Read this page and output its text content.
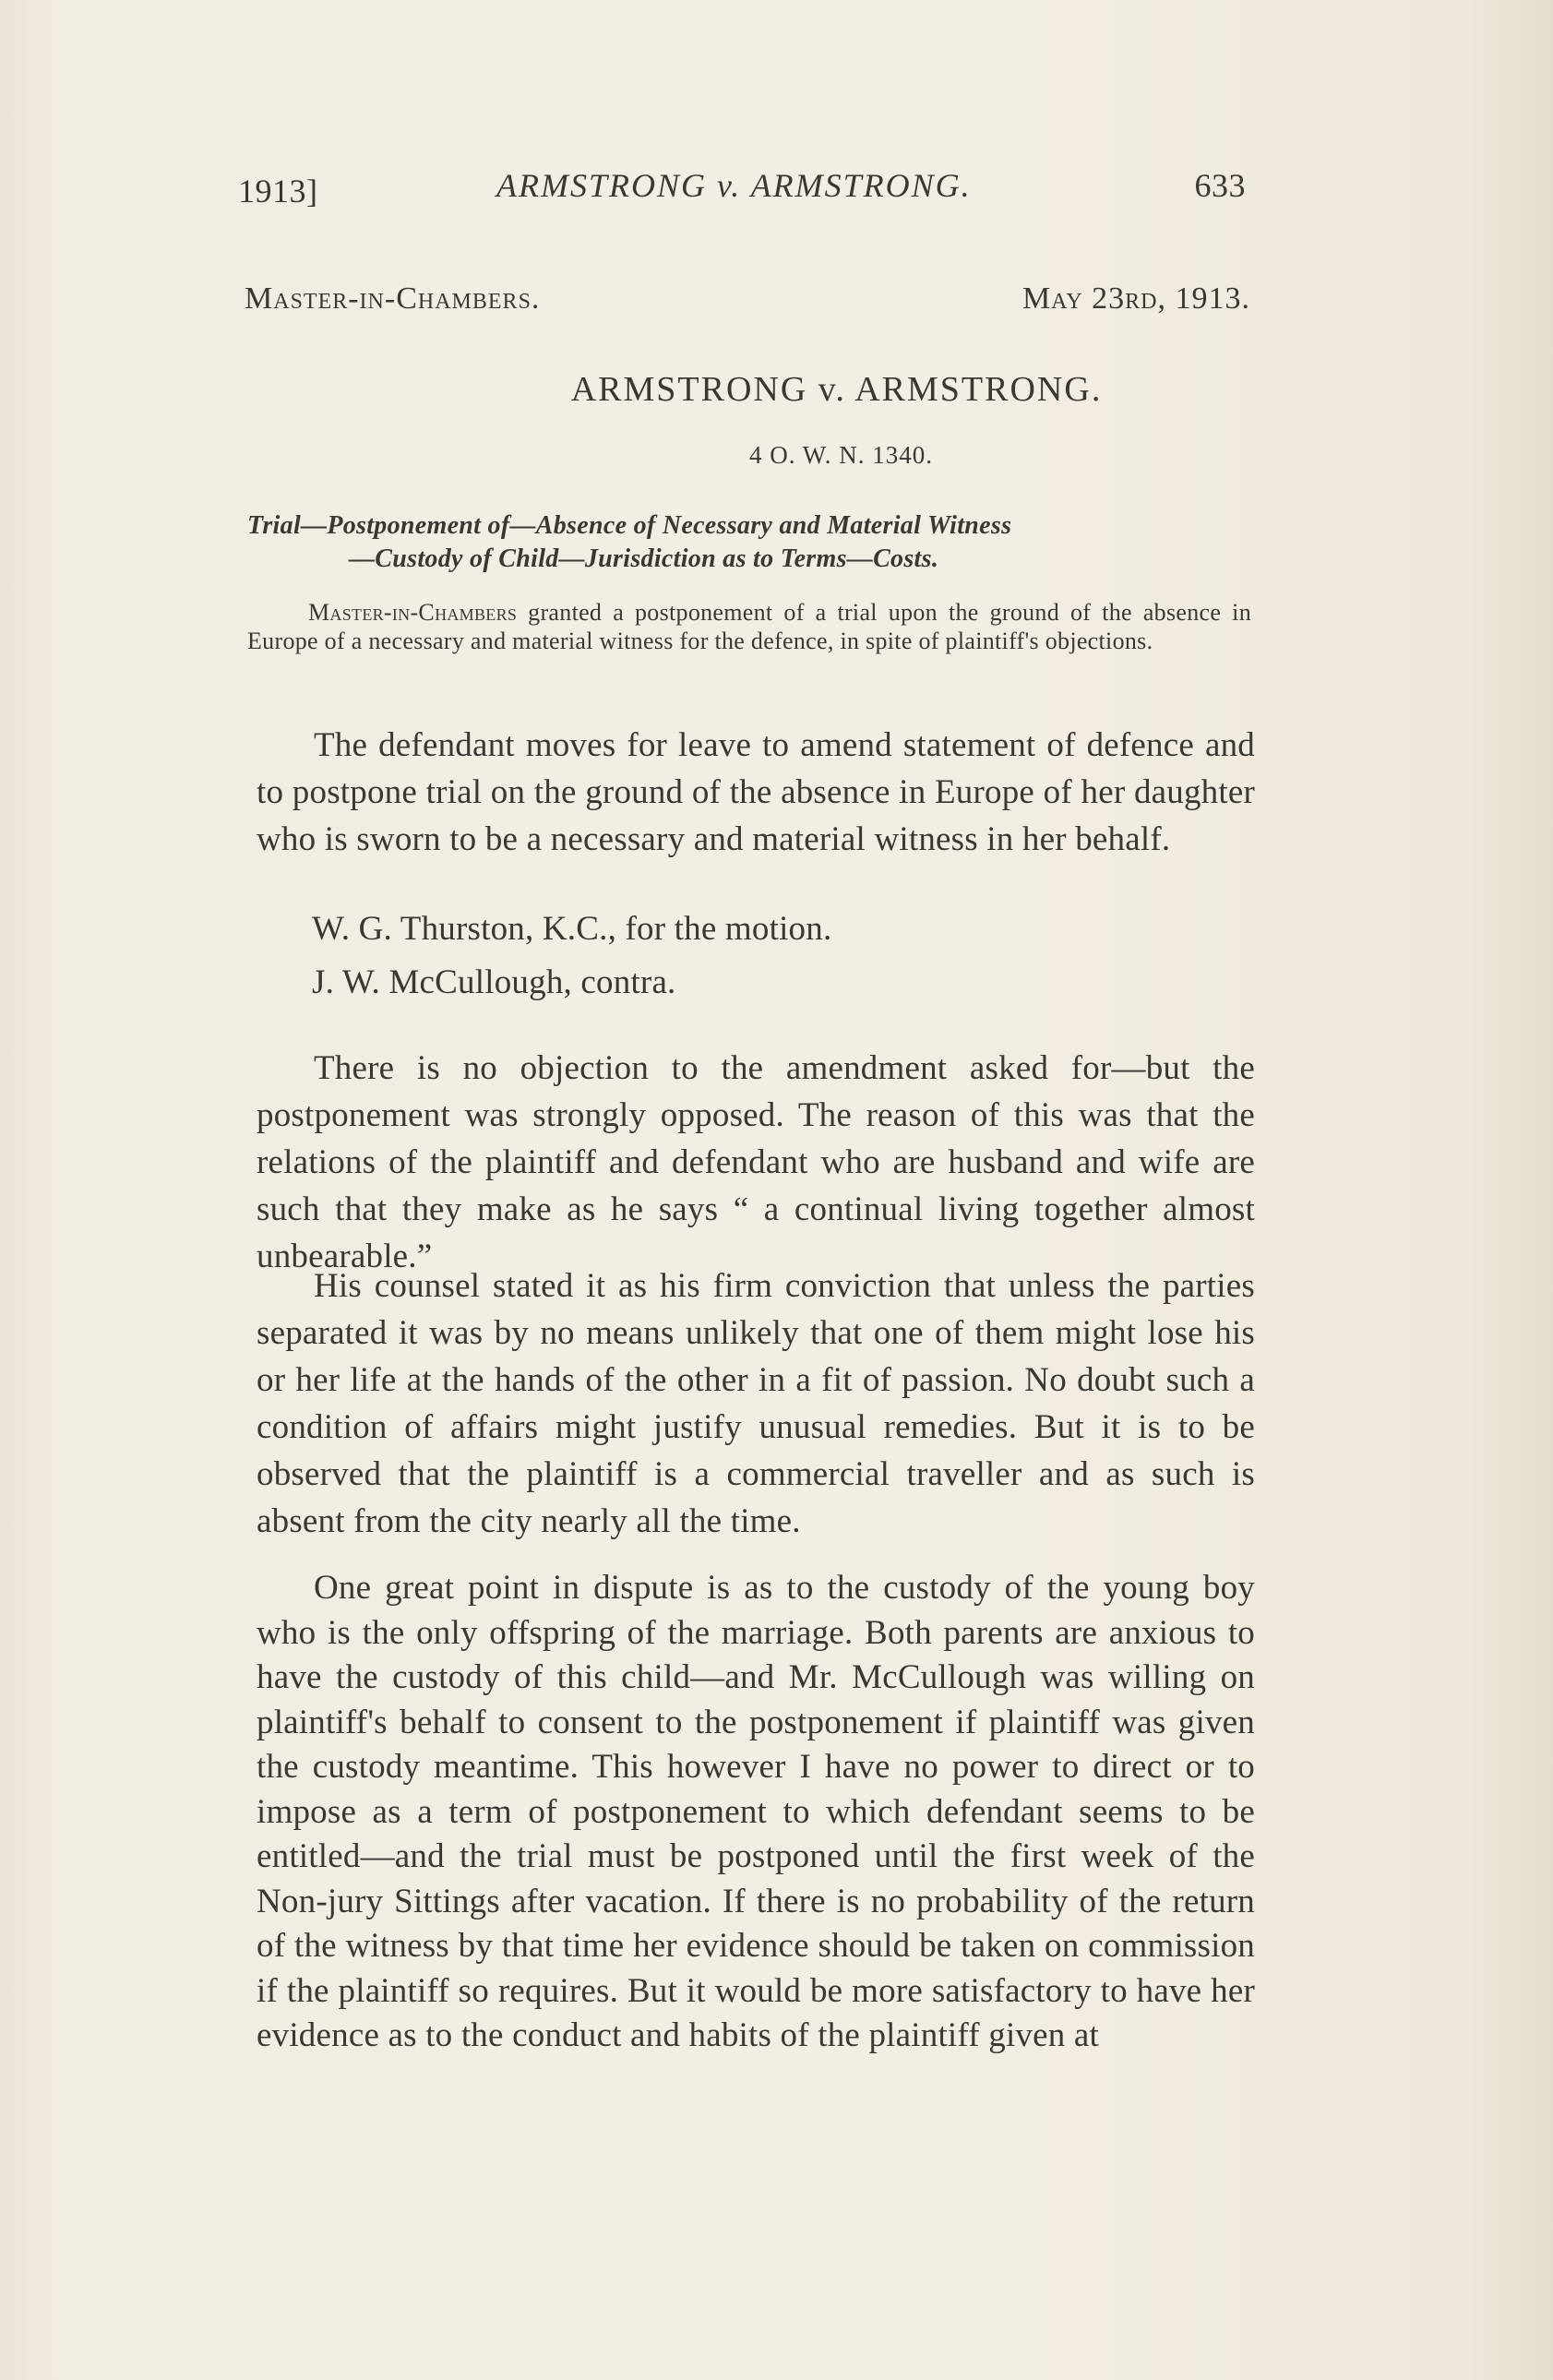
1913]	ARMSTRONG v. ARMSTRONG.	633
Master-in-Chambers.	May 23rd, 1913.
ARMSTRONG v. ARMSTRONG.
4 O. W. N. 1340.
Trial—Postponement of—Absence of Necessary and Material Witness
—Custody of Child—Jurisdiction as to Terms—Costs.
Master-in-Chambers granted a postponement of a trial upon the ground of the absence in Europe of a necessary and material witness for the defence, in spite of plaintiff's objections.

The defendant moves for leave to amend statement of defence and to postpone trial on the ground of the absence in Europe of her daughter who is sworn to be a necessary and material witness in her behalf.

W. G. Thurston, K.C., for the motion.
J. W. McCullough, contra.

There is no objection to the amendment asked for—but the postponement was strongly opposed. The reason of this was that the relations of the plaintiff and defendant who are husband and wife are such that they make as he says “ a continual living together almost unbearable.”

His counsel stated it as his firm conviction that unless the parties separated it was by no means unlikely that one of them might lose his or her life at the hands of the other in a fit of passion. No doubt such a condition of affairs might justify unusual remedies. But it is to be observed that the plaintiff is a commercial traveller and as such is absent from the city nearly all the time.

One great point in dispute is as to the custody of the young boy who is the only offspring of the marriage. Both parents are anxious to have the custody of this child—and Mr. McCullough was willing on plaintiff's behalf to consent to the postponement if plaintiff was given the custody meantime. This however I have no power to direct or to impose as a term of postponement to which defendant seems to be entitled—and the trial must be postponed until the first week of the Non-jury Sittings after vacation. If there is no probability of the return of the witness by that time her evidence should be taken on commission if the plaintiff so requires. But it would be more satisfactory to have her evidence as to the conduct and habits of the plaintiff given at
